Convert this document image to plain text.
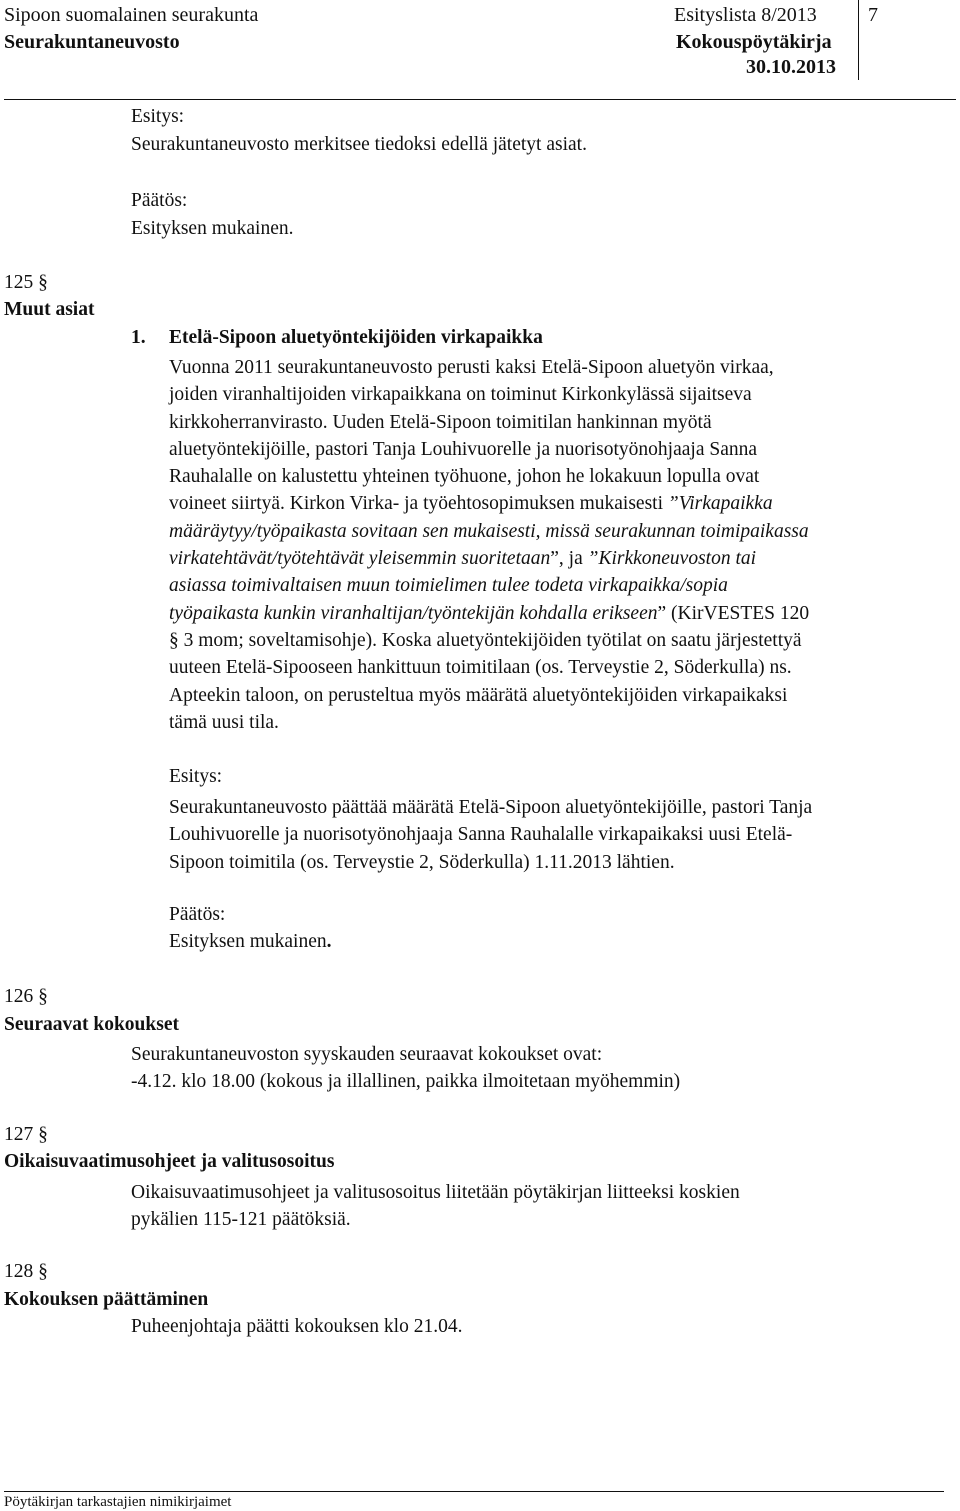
Sipoon suomalainen seurakunta
Seurakuntaneuvosto
Esityslista 8/2013
Kokouspöytäkirja
30.10.2013
7
Esitys:
Seurakuntaneuvosto merkitsee tiedoksi edellä jätetyt asiat.
Päätös:
Esityksen mukainen.
125 §
Muut asiat
1. Etelä-Sipoon aluetyöntekijöiden virkapaikka
Vuonna 2011 seurakuntaneuvosto perusti kaksi Etelä-Sipoon aluetyön virkaa,
joiden viranhaltijoiden virkapaikkana on toiminut Kirkonkylässä sijaitseva
kirkkoherranvirasto. Uuden Etelä-Sipoon toimitilan hankinnan myötä
aluetyöntekijöille, pastori Tanja Louhivuorelle ja nuorisotyönohjaaja Sanna
Rauhalalle on kalustettu yhteinen työhuone, johon he lokakuun lopulla ovat
voineet siirtyä. Kirkon Virka- ja työehtosopimuksen mukaisesti ”Virkapaikka
määräytyy/työpaikasta sovitaan sen mukaisesti, missä seurakunnan toimipaikassa
virkatehtävät/työtehtävät yleisemmin suoritetaan”, ja ”Kirkkoneuvoston tai
asiassa toimivaltaisen muun toimielimen tulee todeta virkapaikka/sopia
työpaikasta kunkin viranhaltijan/työntekijän kohdalla erikseen” (KirVESTES 120
§ 3 mom; soveltamisohje). Koska aluetyöntekijöiden työtilat on saatu järjestettyä
uuteen Etelä-Sipooseen hankittuun toimitilaan (os. Terveystie 2, Söderkulla) ns.
Apteekin taloon, on perusteltua myös määrätä aluetyöntekijöiden virkapaikaksi
tämä uusi tila.
Esitys:
Seurakuntaneuvosto päättää määrätä Etelä-Sipoon aluetyöntekijöille, pastori Tanja
Louhivuorelle ja nuorisotyönohjaaja Sanna Rauhalalle virkapaikaksi uusi Etelä-
Sipoon toimitila (os. Terveystie 2, Söderkulla) 1.11.2013 lähtien.
Päätös:
Esityksen mukainen.
126 §
Seuraavat kokoukset
Seurakuntaneuvoston syyskauden seuraavat kokoukset ovat:
-4.12. klo 18.00 (kokous ja illallinen, paikka ilmoitetaan myöhemmin)
127 §
Oikaisuvaatimusohjeet ja valitusosoitus
Oikaisuvaatimusohjeet ja valitusosoitus liitetään pöytäkirjan liitteeksi koskien
pykälien 115-121 päätöksiä.
128 §
Kokouksen päättäminen
Puheenjohtaja päätti kokouksen klo 21.04.
Pöytäkirjan tarkastajien nimikirjaimet
